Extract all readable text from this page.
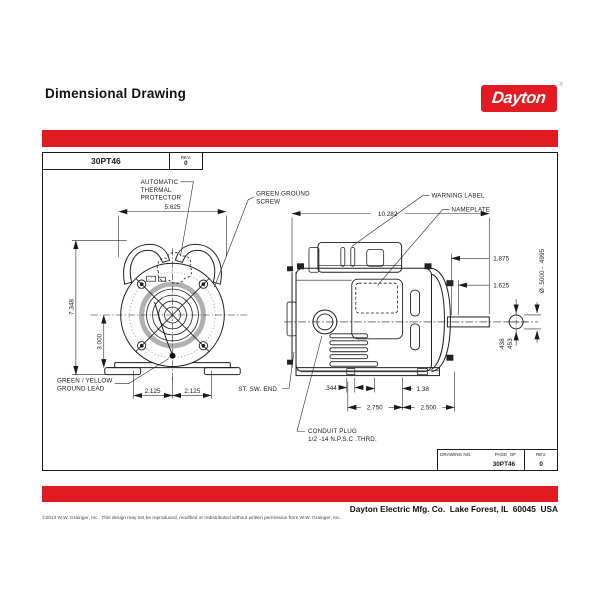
Dimensional Drawing	Dayton
®
5.625
7.348
3.000
2.125	2.125
AUTOMATIC
THERMAL
PROTECTOR
GREEN GROUND
SCREW
GREEN / YELLOW
GROUND LEAD
10.282
1.875
1.625	Ø .5000 - .4995
.438 .453
.344	1.38
2.750	2.500
WARNING LABEL
NAMEPLATE
ST. SW. END
CONDUIT PLUG
1/2 -14 N.P.S.C .THRD.
30PT46	REV.
0
DRAWING NO.	PAGE  OF
30PT46
REV.
0
Dayton Electric Mfg. Co.  Lake Forest, IL  60045  USA
©2013 W.W. Grainger, Inc.  This design may not be reproduced, modified or redistributed without written permission from W.W. Grainger, Inc.
